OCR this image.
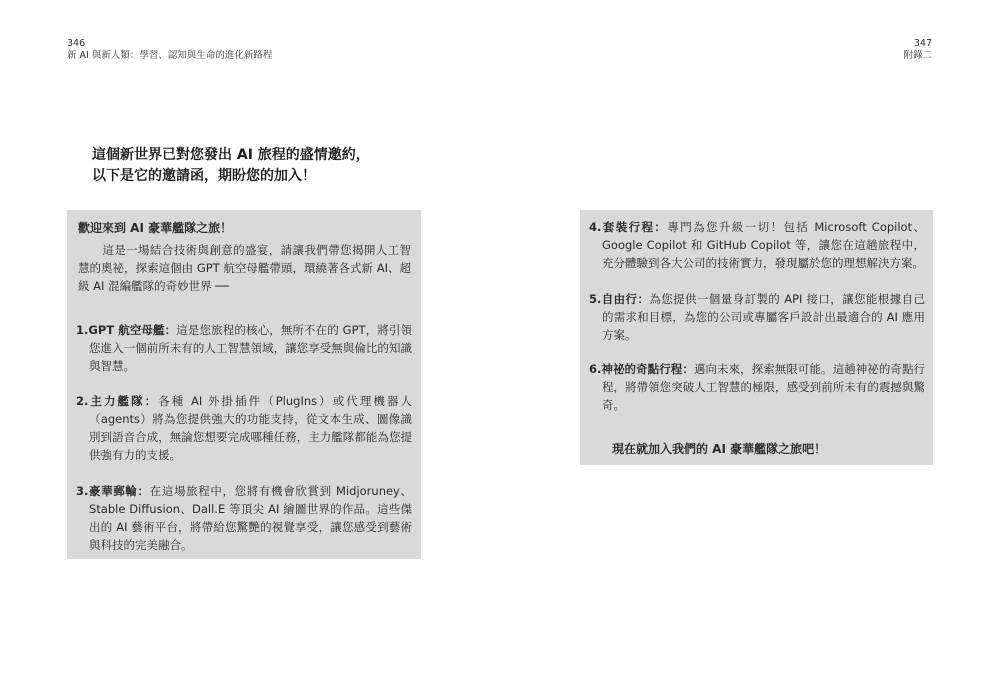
346
新 AI 與新人類：學習、認知與生命的進化新路程
347
附錄二
這個新世界已對您發出 AI 旅程的盛情邀約，
以下是它的邀請函，期盼您的加入！
歡迎來到 AI 豪華艦隊之旅！
這是一場結合技術與創意的盛宴，請讓我們帶您揭開人工智慧的奧祕，探索這個由 GPT 航空母艦帶頭，環繞著各式新 AI、超級 AI 混編艦隊的奇妙世界 ──
1.GPT 航空母艦：這是您旅程的核心，無所不在的 GPT，將引領您進入一個前所未有的人工智慧領域，讓您享受無與倫比的知識與智慧。
2.主力艦隊：各種 AI 外掛插件（PlugIns）或代理機器人（agents）將為您提供強大的功能支持，從文本生成、圖像識別到語音合成，無論您想要完成哪種任務，主力艦隊都能為您提供強有力的支援。
3.豪華郵輪：在這場旅程中，您將有機會欣賞到 Midjoruney、Stable Diffusion、Dall.E 等頂尖 AI 繪圖世界的作品。這些傑出的 AI 藝術平台，將帶給您驚艷的視覺享受，讓您感受到藝術與科技的完美融合。
4.套裝行程：專門為您升級一切！包括 Microsoft Copilot、Google Copilot 和 GitHub Copilot 等，讓您在這趟旅程中，充分體驗到各大公司的技術實力，發現屬於您的理想解決方案。
5.自由行：為您提供一個量身訂製的 API 接口，讓您能根據自己的需求和目標，為您的公司或專屬客戶設計出最適合的 AI 應用方案。
6.神祕的奇點行程：邁向未來，探索無限可能。這趟神祕的奇點行程，將帶領您突破人工智慧的極限，感受到前所未有的震撼與驚奇。
現在就加入我們的 AI 豪華艦隊之旅吧！
